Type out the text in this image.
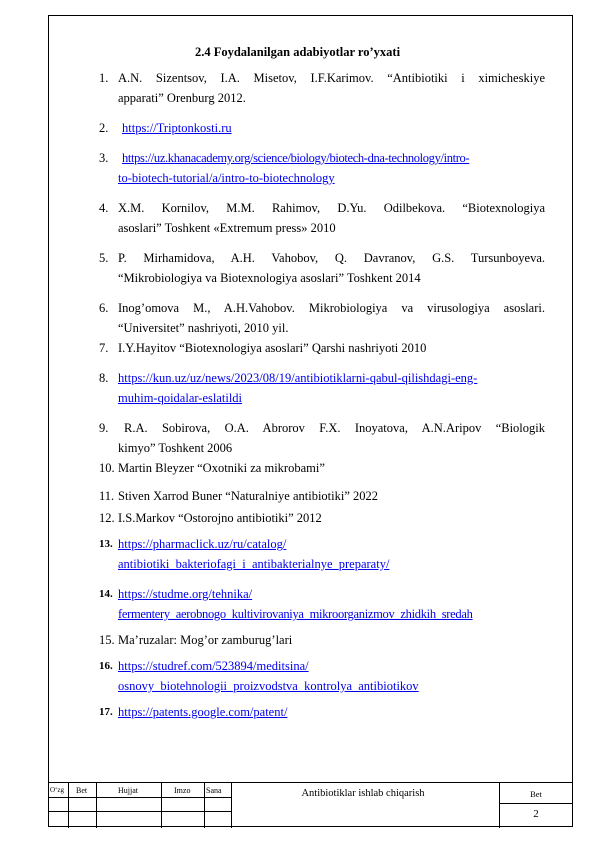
2.4 Foydalanilgan adabiyotlar ro’yxati
1. A.N. Sizentsov, I.A. Misetov, I.F.Karimov. “Antibiotiki i ximicheskiye
apparati” Orenburg 2012.
2.	https://Triptonkosti.ru
3.	https://uz.khanacademy.org/science/biology/biotech-dna-technology/intro-
to-biotech-tutorial/a/intro-to-biotechnology
4. X.M. Kornilov, M.M. Rahimov, D.Yu. Odilbekova. “Biotexnologiya
asoslari” Toshkent «Extremum press» 2010
5. P. Mirhamidova, A.H. Vahobov, Q. Davranov, G.S. Tursunboyeva.
“Mikrobiologiya va Biotexnologiya asoslari” Toshkent 2014
6. Inog’omova M., A.H.Vahobov. Mikrobiologiya va virusologiya asoslari.
“Universitet” nashriyoti, 2010 yil.
7. I.Y.Hayitov “Biotexnologiya asoslari” Qarshi nashriyoti 2010
8. https://kun.uz/uz/news/2023/08/19/antibiotiklarni-qabul-qilishdagi-eng-
muhim-qoidalar-eslatildi
9.	R.A. Sobirova, O.A. Abrorov F.X. Inoyatova, A.N.Aripov “Biologik
kimyo” Toshkent 2006
10. Martin Bleyzer “Oxotniki za mikrobami”
11. Stiven Xarrod Buner “Naturalniye antibiotiki” 2022
12. I.S.Markov “Ostorojno antibiotiki” 2012
13. https://pharmaclick.uz/ru/catalog/
antibiotiki_bakteriofagi_i_antibakterialnye_preparaty/
14. https://studme.org/tehnika/
fermentery_aerobnogo_kultivirovaniya_mikroorganizmov_zhidkih_sredah
15. Ma’ruzalar: Mog’or zamburug’lari
16. https://studref.com/523894/meditsina/
osnovy_biotehnologii_proizvodstva_kontrolya_antibiotikov
17. https://patents.google.com/patent/
O‘zg Bet	Hujjat	Imzo Sana	Antibiotiklar ishlab chiqarish	Bet
2
